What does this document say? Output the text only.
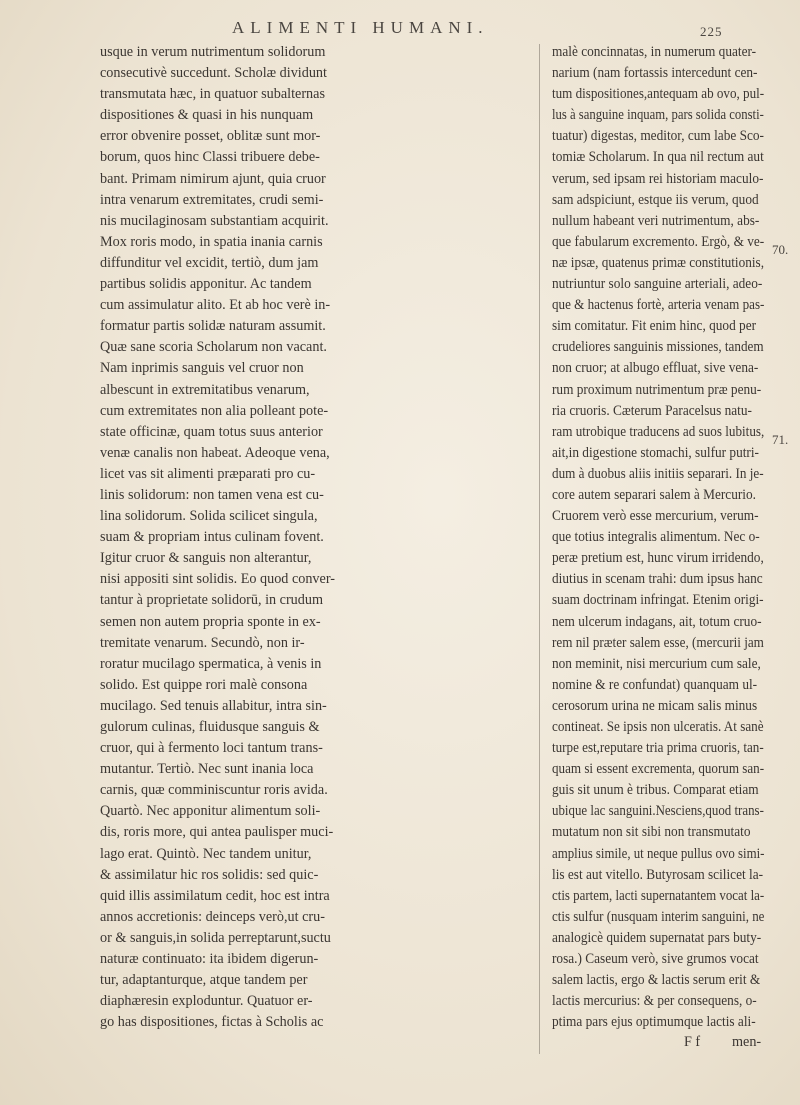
ALIMENTI HUMANI.	225
usque in verum nutrimentum solidorum
consecutivè succedunt. Scholæ dividunt
transmutata hæc, in quatuor subalternas
dispositiones & quasi in his nunquam
error obvenire posset, oblitæ sunt mor-
borum, quos hinc Classi tribuere debe-
bant. Primam nimirum ajunt, quia cruor
intra venarum extremitates, crudi semi-
nis mucilaginosam substantiam acquirit.
Mox roris modo, in spatia inania carnis
diffunditur vel excidit, tertiò, dum jam
partibus solidis apponitur. Ac tandem
cum assimulatur alito. Et ab hoc verè in-
formatur partis solidæ naturam assumit.
Quæ sane scoria Scholarum non vacant.
Nam inprimis sanguis vel cruor non
albescunt in extremitatibus venarum,
cum extremitates non alia polleant pote-
state officinæ, quam totus suus anterior
venæ canalis non habeat. Adeoque vena,
licet vas sit alimenti præparati pro cu-
linis solidorum: non tamen vena est cu-
lina solidorum. Solida scilicet singula,
suam & propriam intus culinam fovent.
Igitur cruor & sanguis non alterantur,
nisi appositi sint solidis. Eo quod conver-
tantur à proprietate solidorū, in crudum
semen non autem propria sponte in ex-
tremitate venarum. Secundò, non ir-
roratur mucilago spermatica, à venis in
solido. Est quippe rori malè consona
mucilago. Sed tenuis allabitur, intra sin-
gulorum culinas, fluidusque sanguis &
cruor, qui à fermento loci tantum trans-
mutantur. Tertiò. Nec sunt inania loca
carnis, quæ comminiscuntur roris avida.
Quartò. Nec apponitur alimentum soli-
dis, roris more, qui antea paulisper muci-
lago erat. Quintò. Nec tandem unitur,
& assimilatur hic ros solidis: sed quic-
quid illis assimilatum cedit, hoc est intra
annos accretionis: deinceps verò,ut cru-
or & sanguis,in solida perreptarunt,suctu
naturæ continuato: ita ibidem digerun-
tur, adaptanturque, atque tandem per
diaphæresin exploduntur. Quatuor er-
go has dispositiones, fictas à Scholis ac
malè concinnatas, in numerum quater-
narium (nam fortassis intercedunt cen-
tum dispositiones,antequam ab ovo, pul-
lus à sanguine inquam, pars solida consti-
tuatur) digestas, meditor, cum labe Sco-
tomiæ Scholarum. In qua nil rectum aut
verum, sed ipsam rei historiam maculo-
sam adspiciunt, estque iis verum, quod
nullum habeant veri nutrimentum, abs-
que fabularum excremento. Ergò, & ve-
næ ipsæ, quatenus primæ constitutionis,
nutriuntur solo sanguine arteriali, adeo-
que & hactenus fortè, arteria venam pas-
sim comitatur. Fit enim hinc, quod per
crudeliores sanguinis missiones, tandem
non cruor; at albugo effluat, sive vena-
rum proximum nutrimentum præ penu-
ria cruoris. Cæterum Paracelsus natu-
ram utrobique traducens ad suos lubitus,
ait,in digestione stomachi, sulfur putri-
dum à duobus aliis initiis separari. In je-
core autem separari salem à Mercurio.
Cruorem verò esse mercurium, verum-
que totius integralis alimentum. Nec o-
peræ pretium est, hunc virum irridendo,
diutius in scenam trahi: dum ipsus hanc
suam doctrinam infringat. Etenim origi-
nem ulcerum indagans, ait, totum cruo-
rem nil præter salem esse, (mercurii jam
non meminit, nisi mercurium cum sale,
nomine & re confundat) quanquam ul-
cerosorum urina ne micam salis minus
contineat. Se ipsis non ulceratis. At sanè
turpe est,reputare tria prima cruoris, tan-
quam si essent excrementa, quorum san-
guis sit unum è tribus. Comparat etiam
ubique lac sanguini.Nesciens,quod trans-
mutatum non sit sibi non transmutato
amplius simile, ut neque pullus ovo simi-
lis est aut vitello. Butyrosam scilicet la-
ctis partem, lacti supernatantem vocat la-
ctis sulfur (nusquam interim sanguini, ne
analogicè quidem supernatat pars buty-
rosa.) Caseum verò, sive grumos vocat
salem lactis, ergo & lactis serum erit &
lactis mercurius: & per consequens, o-
ptima pars ejus optimumque lactis ali-
70.
71.
F f men-
